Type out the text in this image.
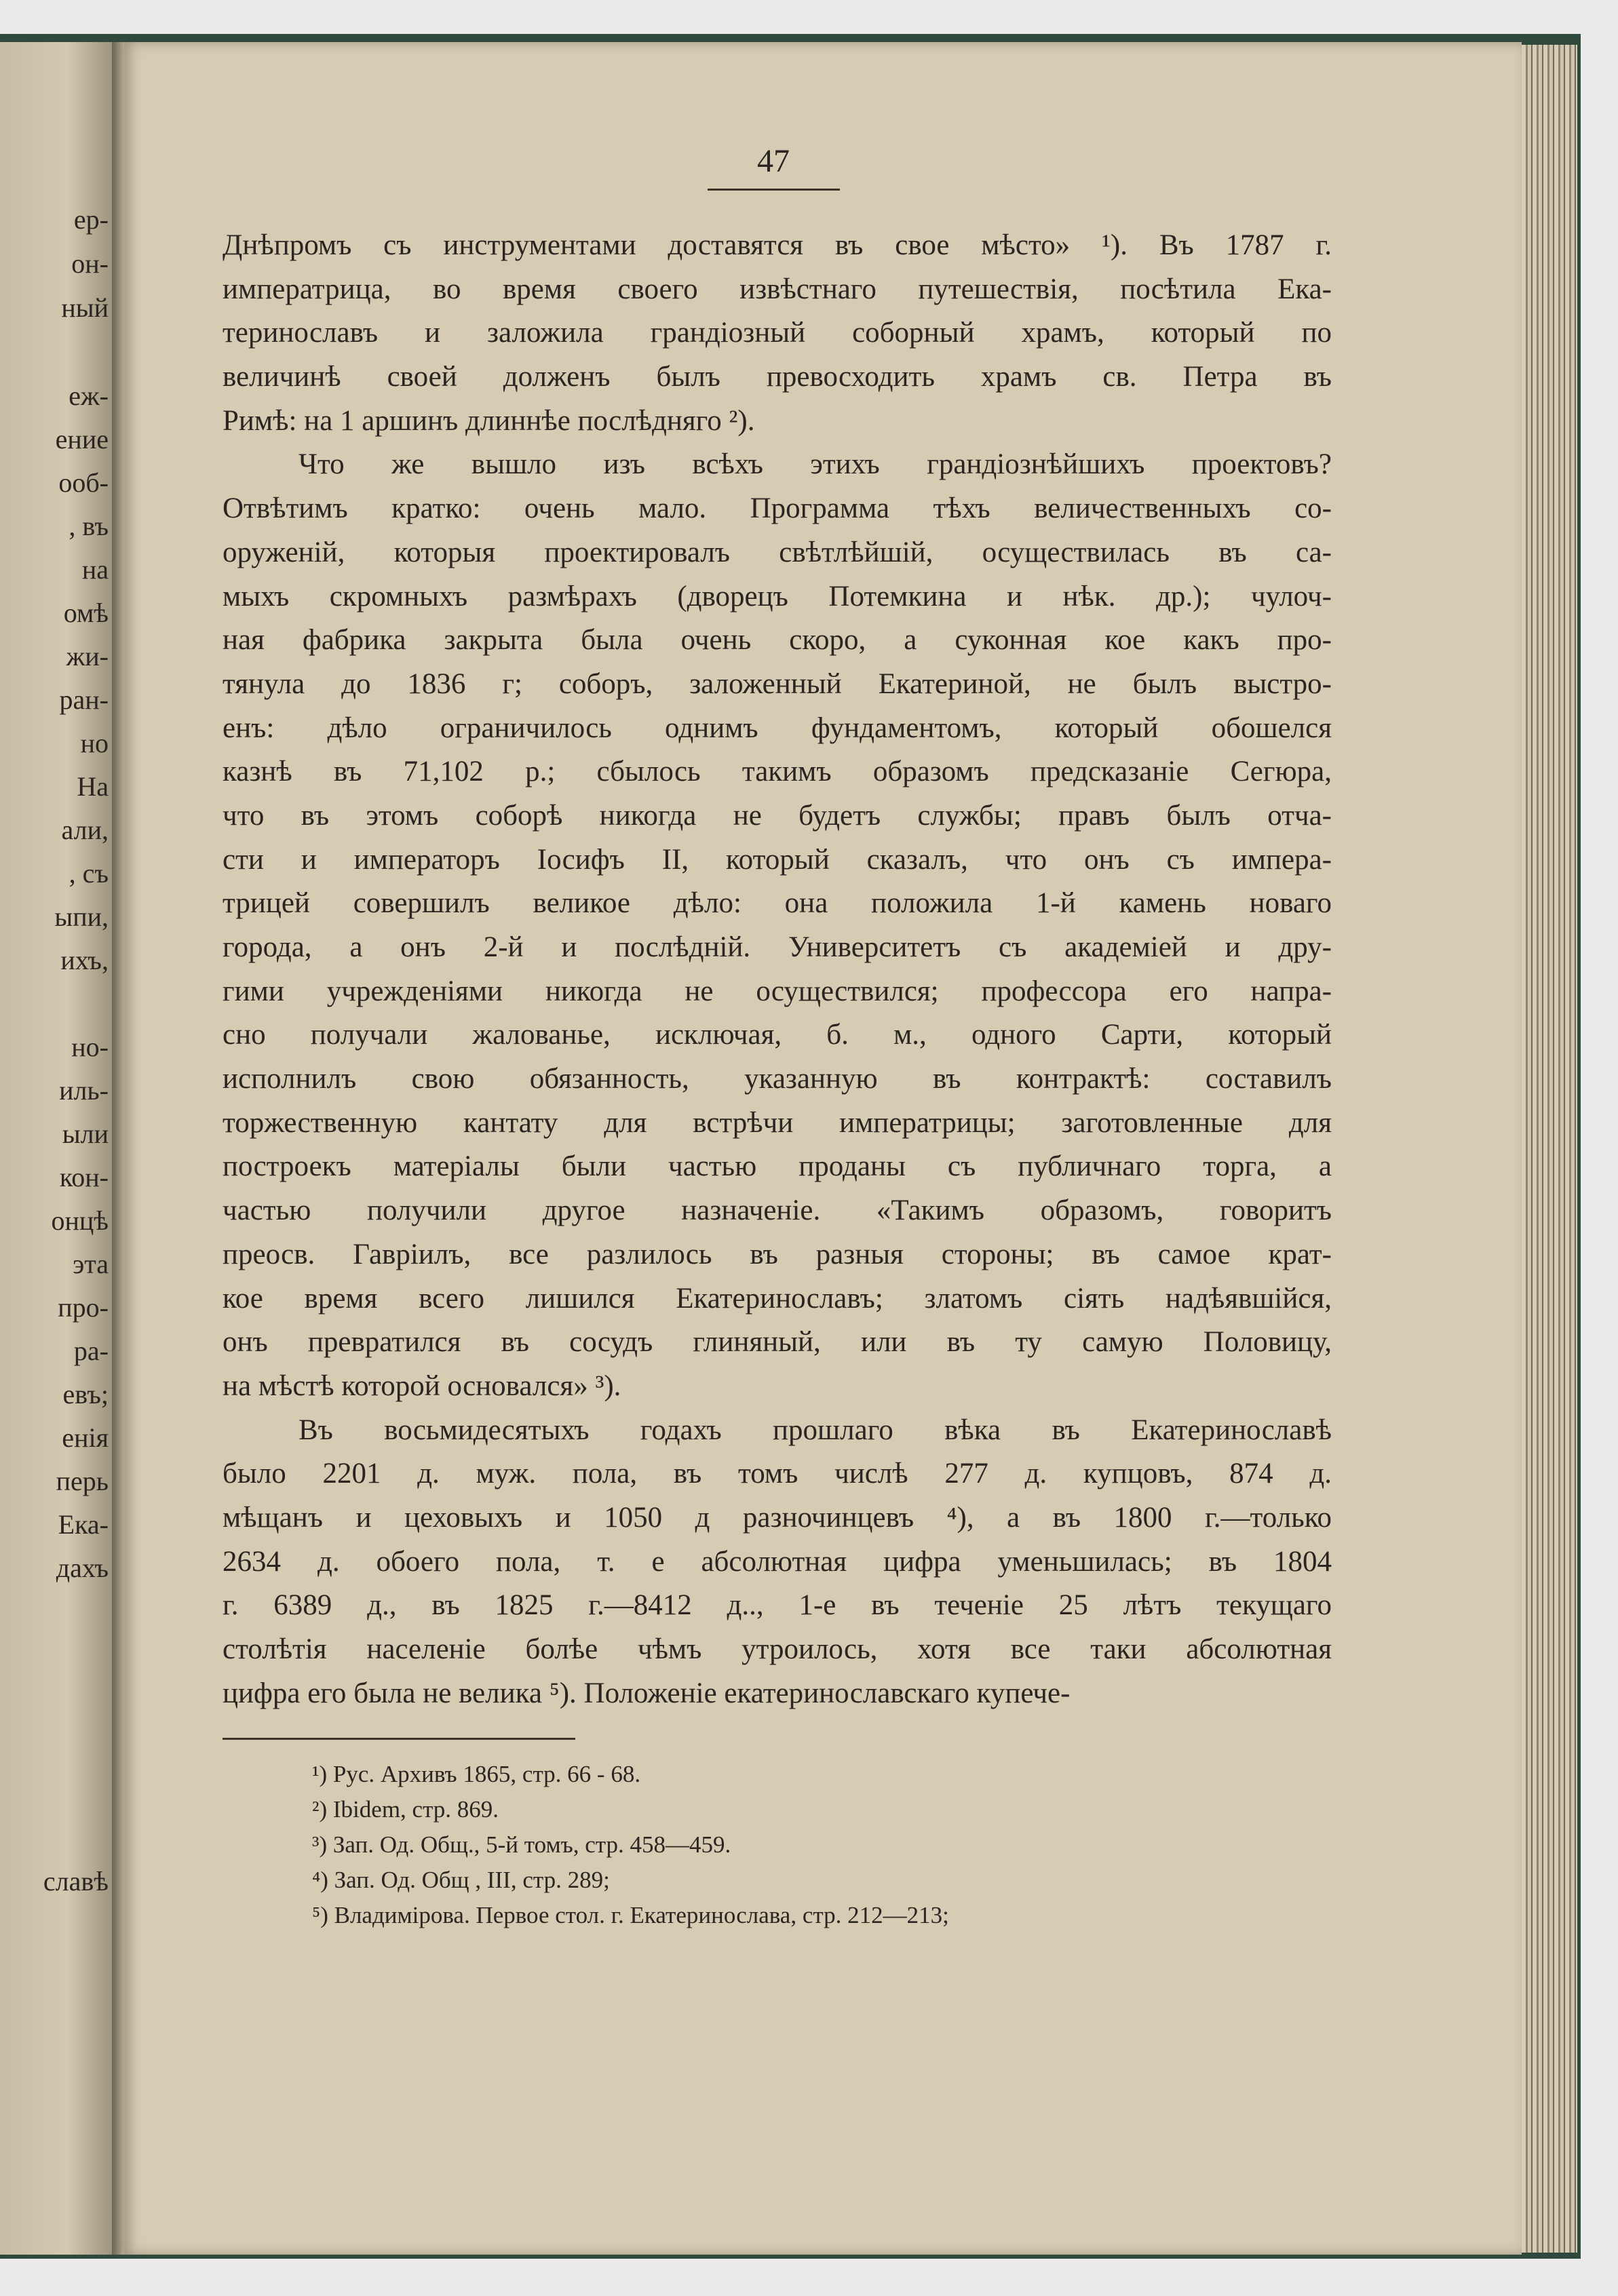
ер-
он-
ный
еж-
ение
ооб-
, въ
на
омѣ
жи-
ран-
но
На
али,
, съ
ыпи,
ихъ,
но-
иль-
ыли
кон-
онцѣ
эта
про-
ра-
евъ;
енія
перь
Ека-
дахъ
славѣ
47
Днѣпромъ съ инструментами доставятся въ свое мѣсто» ¹). Въ 1787 г.
императрица, во время своего извѣстнаго путешествія, посѣтила Ека-
теринославъ и заложила грандіозный соборный храмъ, который по
величинѣ своей долженъ былъ превосходить храмъ св. Петра въ
Римѣ: на 1 аршинъ длиннѣе послѣдняго ²).
Что же вышло изъ всѣхъ этихъ грандіознѣйшихъ проектовъ?
Отвѣтимъ кратко: очень мало. Программа тѣхъ величественныхъ со-
оруженій, которыя проектировалъ свѣтлѣйшій, осуществилась въ са-
мыхъ скромныхъ размѣрахъ (дворецъ Потемкина и нѣк. др.); чулоч-
ная фабрика закрыта была очень скоро, а суконная кое какъ про-
тянула до 1836 г; соборъ, заложенный Екатериной, не былъ выстро-
енъ: дѣло ограничилось однимъ фундаментомъ, который обошелся
казнѣ въ 71,102 р.; сбылось такимъ образомъ предсказаніе Сегюра,
что въ этомъ соборѣ никогда не будетъ службы; правъ былъ отча-
сти и императоръ Іосифъ II, который сказалъ, что онъ съ импера-
трицей совершилъ великое дѣло: она положила 1-й камень новаго
города, а онъ 2-й и послѣдній. Университетъ съ академіей и дру-
гими учрежденіями никогда не осуществился; профессора его напра-
сно получали жалованье, исключая, б. м., одного Сарти, который
исполнилъ свою обязанность, указанную въ контрактѣ: составилъ
торжественную кантату для встрѣчи императрицы; заготовленные для
построекъ матеріалы были частью проданы съ публичнаго торга, а
частью получили другое назначеніе. «Такимъ образомъ, говоритъ
преосв. Гавріилъ, все разлилось въ разныя стороны; въ самое крат-
кое время всего лишился Екатеринославъ; златомъ сіять надѣявшійся,
онъ превратился въ сосудъ глиняный, или въ ту самую Половицу,
на мѣстѣ которой основался» ³).
Въ восьмидесятыхъ годахъ прошлаго вѣка въ Екатеринославѣ
было 2201 д. муж. пола, въ томъ числѣ 277 д. купцовъ, 874 д.
мѣщанъ и цеховыхъ и 1050 д разночинцевъ ⁴), а въ 1800 г.—только
2634 д. обоего пола, т. е абсолютная цифра уменьшилась; въ 1804
г. 6389 д., въ 1825 г.—8412 д.., 1-е въ теченіе 25 лѣтъ текущаго
столѣтія населеніе болѣе чѣмъ утроилось, хотя все таки абсолютная
цифра его была не велика ⁵). Положеніе екатеринославскаго купече-
¹) Рус. Архивъ 1865, стр. 66 - 68.
²) Ibidem, стр. 869.
³) Зап. Од. Общ., 5-й томъ, стр. 458—459.
⁴) Зап. Од. Общ , III, стр. 289;
⁵) Владимірова. Первое стол. г. Екатеринослава, стр. 212—213;
